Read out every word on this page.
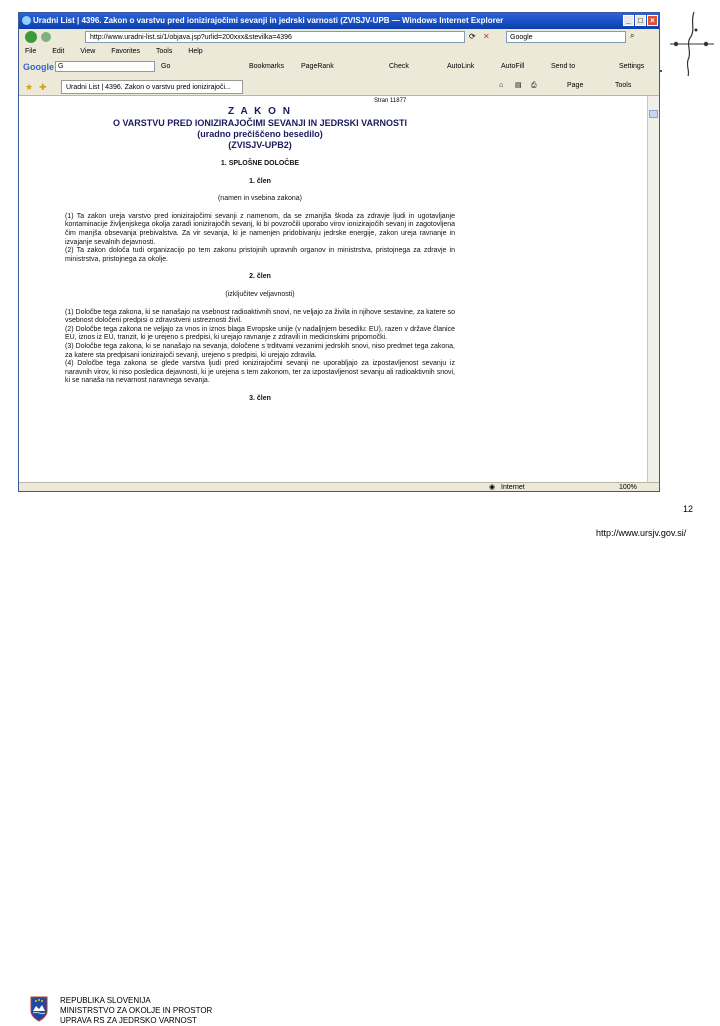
Uradni List | 4396. Zakon o varstvu pred ionizirajočimi sevanji in jedrski varnosti (ZVISJV-UPB — Windows Internet Explorer	_ □ ×
http://www.uradni-list.si/1/objava.jsp?urlid=200xxx&stevilka=4396	⟳ ✕	Google	⌕
File Edit View Favorites Tools Help
Google G	Go	Bookmarks PageRank	Check	AutoLink	AutoFill	Send to	Settings
★ ✚	Uradni List | 4396. Zakon o varstvu pred ionizirajoči...	⌂ ▤ ⎙	Page	Tools
Stran 11877

Z A K O N

O VARSTVU PRED IONIZIRAJOČIMI SEVANJI IN JEDRSKI VARNOSTI

(uradno prečiščeno besedilo)

(ZVISJV-UPB2)

1. SPLOŠNE DOLOČBE

1. člen

(namen in vsebina zakona)

(1) Ta zakon ureja varstvo pred ionizirajočimi sevanji z namenom, da se zmanjša škoda za zdravje ljudi in ugotavljanje kontaminacije življenjskega okolja zaradi ionizirajočih sevanj, ki bi povzročili uporabo virov ionizirajočih sevanj in zagotovljena čim manjša obsevanja prebivalstva. Za vir sevanja, ki je namenjen pridobivanju jedrske energije, zakon ureja ravnanje in izvajanje sevalnih dejavnosti.

(2) Ta zakon določa tudi organizacijo po tem zakonu pristojnih upravnih organov in ministrstva, pristojnega za zdravje in ministrstva, pristojnega za okolje.

2. člen

(izključitev veljavnosti)

(1) Določbe tega zakona, ki se nanašajo na vsebnost radioaktivnih snovi, ne veljajo za živila in njihove sestavine, za katere so vsebnost določeni predpisi o zdravstveni ustreznosti živil.

(2) Določbe tega zakona ne veljajo za vnos in iznos blaga Evropske unije (v nadaljnjem besedilu: EU), razen v države članice EU, iznos iz EU, tranzit, ki je urejeno s predpisi, ki urejajo ravnanje z zdravili in medicinskimi pripomočki.

(3) Določbe tega zakona, ki se nanašajo na sevanja, določene s trditvami vezanimi jedrskih snovi, niso predmet tega zakona, za katere sta predpisani ionizirajoči sevanji, urejeno s predpisi, ki urejajo zdravila.

(4) Določbe tega zakona se glede varstva ljudi pred ionizirajočimi sevanji ne uporabljajo za izpostavljenost sevanju iz naravnih virov, ki niso posledica dejavnosti, ki je urejena s tem zakonom, ter za izpostavljenost sevanju ali radioaktivnih snovi, ki se nanaša na nevarnost naravnega sevanja.

3. člen

◉ Internet	100%
REPUBLIKA SLOVENIJA
MINISTRSTVO ZA OKOLJE IN PROSTOR
UPRAVA RS ZA JEDRSKO VARNOST
12
http://www.ursjv.gov.si/
